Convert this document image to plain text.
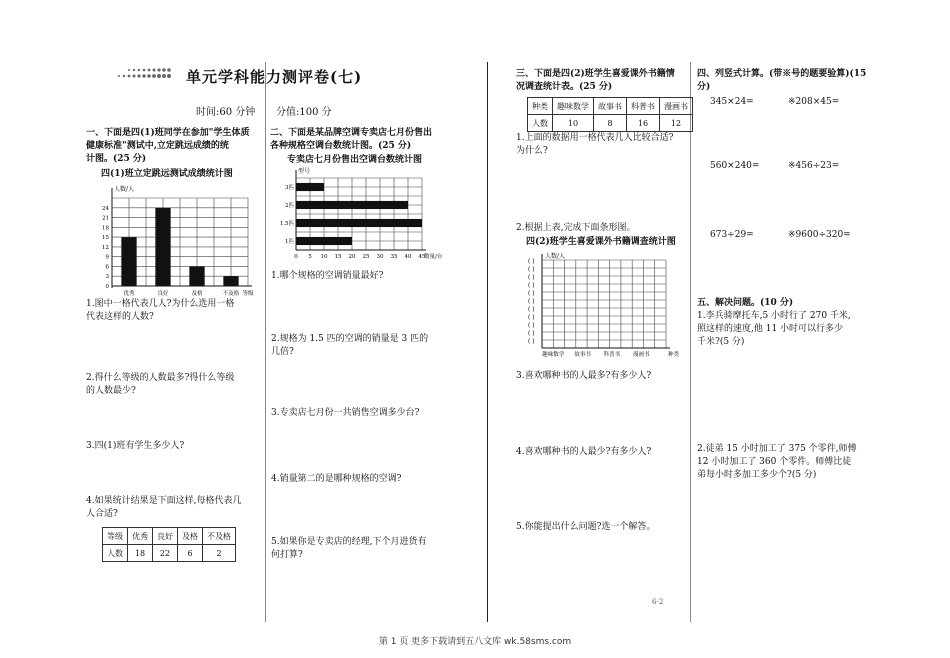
单元学科能力测评卷(七)
时间:60 分钟 分值:100 分
一、下面是四(1)班同学在参加"学生体质
健康标准"测试中,立定跳远成绩的统
计图。(25 分)
四(1)班立定跳远测试成绩统计图
人数/人
0
3
6
9
12
15
18
21
24
优秀	良好	及格	不及格 等级
1.图中一格代表几人?为什么选用一格
代表这样的人数?
2.得什么等级的人数最多?得什么等级
的人数最少?
3.四(1)班有学生多少人?
4.如果统计结果是下面这样,每格代表几
人合适?
等级	优秀	良好	及格	不及格
人数	18	22	6	2
二、下面是某品牌空调专卖店七月份售出
各种规格空调台数统计图。(25 分)
专卖店七月份售出空调台数统计图
0 5 10 15 20 25 30 35 40 45
型号
数量/台
3匹
2匹
1.5匹
1匹
1.哪个规格的空调销量最好?
2.规格为 1.5 匹的空调的销量是 3 匹的
几倍?
3.专卖店七月份一共销售空调多少台?
4.销量第二的是哪种规格的空调?
5.如果你是专卖店的经理,下个月进货有
何打算?
三、下面是四(2)班学生喜爱课外书籍情
况调查统计表。(25 分)
种类	趣味数学	故事书	科普书	漫画书
人数	10	8	16	12
1.上面的数据用一格代表几人比较合适?
为什么?
2.根据上表,完成下面条形图。
四(2)班学生喜爱课外书籍调查统计图
( )
( )
( )
( )
( )
( )
( )
( )
( )
( )
( )
人数/人
趣味数学 故事书 科普书 漫画书	种类
3.喜欢哪种书的人最多?有多少人?
4.喜欢哪种书的人最少?有多少人?
5.你能提出什么问题?选一个解答。
四、列竖式计算。(带※号的题要验算)(15
分)
345×24=	※208×45=
560×240=	※456÷23=
673÷29=	※9600÷320=
五、解决问题。(10 分)
1.李兵骑摩托车,5 小时行了 270 千米,
照这样的速度,他 11 小时可以行多少
千米?(5 分)
2.徒弟 15 小时加工了 375 个零件,师傅
12 小时加工了 360 个零件。师傅比徒
弟每小时多加工多少个?(5 分)
6-2
第 1 页 更多下载请到五八文库 wk.58sms.com
